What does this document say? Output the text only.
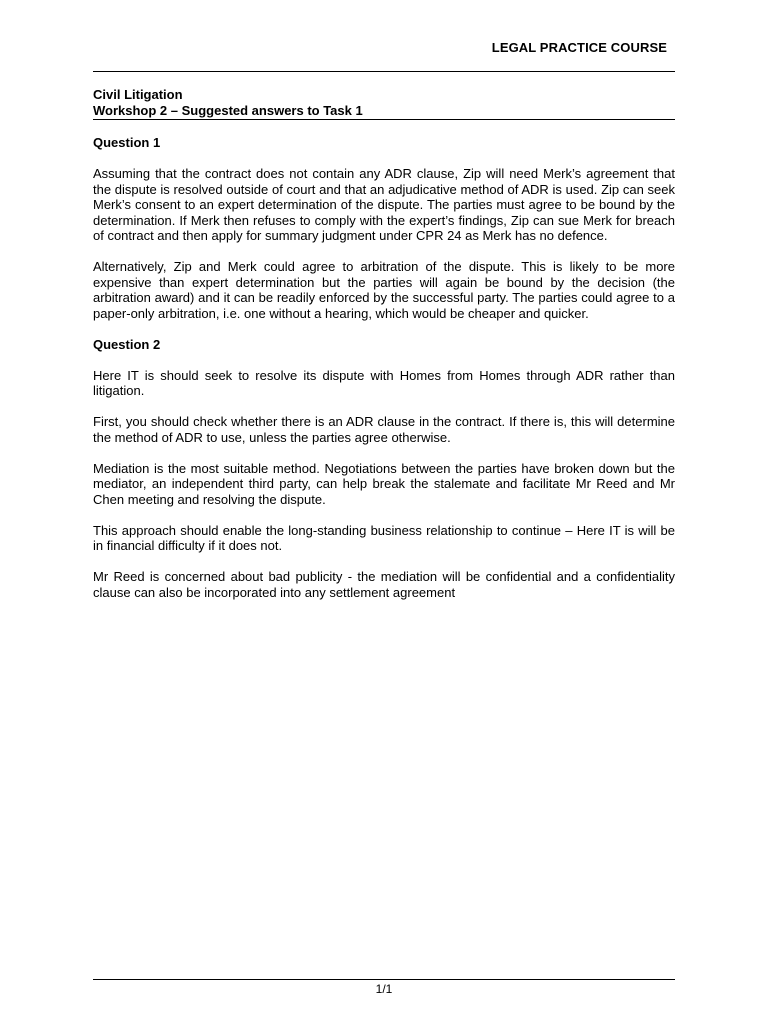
LEGAL PRACTICE COURSE
Civil Litigation
Workshop 2 – Suggested answers to Task 1
Question 1

Assuming that the contract does not contain any ADR clause, Zip will need Merk’s agreement that the dispute is resolved outside of court and that an adjudicative method of ADR is used. Zip can seek Merk’s consent to an expert determination of the dispute. The parties must agree to be bound by the determination. If Merk then refuses to comply with the expert’s findings, Zip can sue Merk for breach of contract and then apply for summary judgment under CPR 24 as Merk has no defence.

Alternatively, Zip and Merk could agree to arbitration of the dispute. This is likely to be more expensive than expert determination but the parties will again be bound by the decision (the arbitration award) and it can be readily enforced by the successful party. The parties could agree to a paper-only arbitration, i.e. one without a hearing, which would be cheaper and quicker.

Question 2

Here IT is should seek to resolve its dispute with Homes from Homes through ADR rather than litigation.

First, you should check whether there is an ADR clause in the contract. If there is, this will determine the method of ADR to use, unless the parties agree otherwise.

Mediation is the most suitable method. Negotiations between the parties have broken down but the mediator, an independent third party, can help break the stalemate and facilitate Mr Reed and Mr Chen meeting and resolving the dispute.

This approach should enable the long-standing business relationship to continue – Here IT is will be in financial difficulty if it does not.

Mr Reed is concerned about bad publicity - the mediation will be confidential and a confidentiality clause can also be incorporated into any settlement agreement

1/1
